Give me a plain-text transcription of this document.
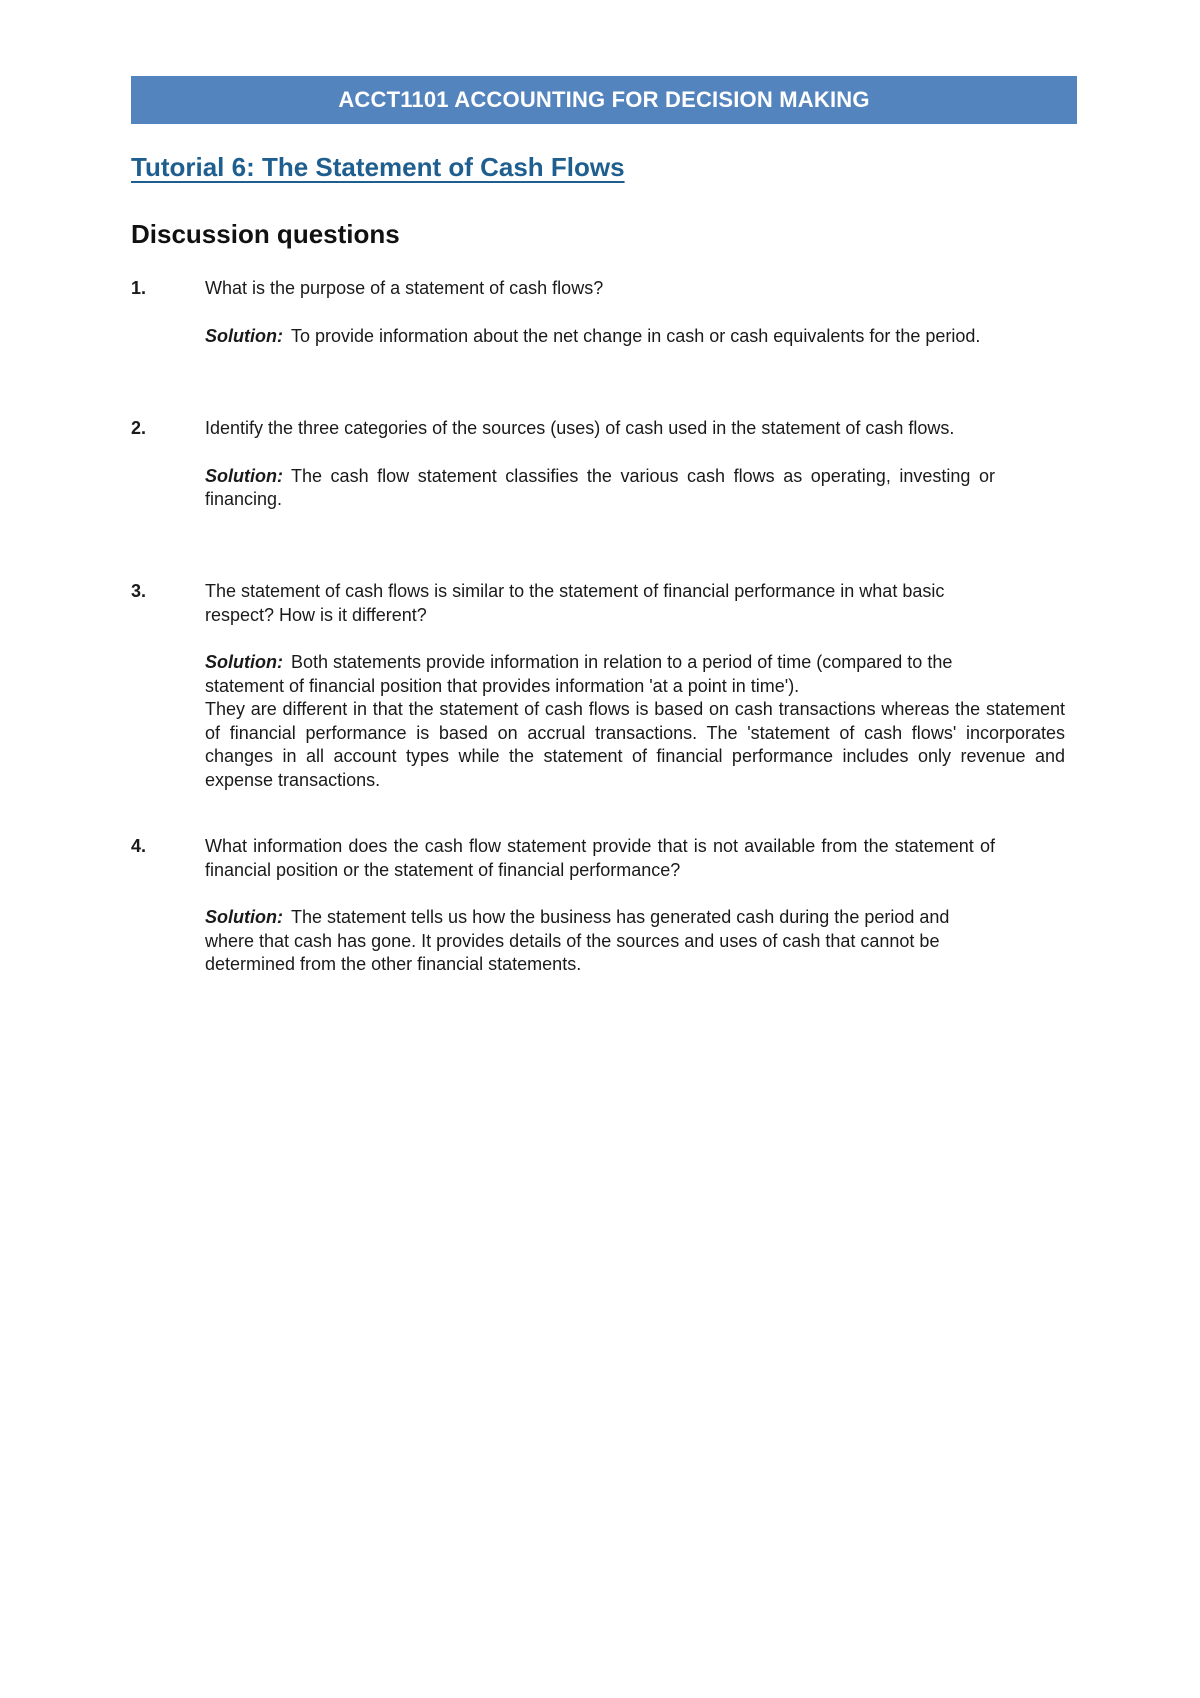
ACCT1101 ACCOUNTING FOR DECISION MAKING
Tutorial 6: The Statement of Cash Flows
Discussion questions
1.	What is the purpose of a statement of cash flows?

Solution: To provide information about the net change in cash or cash equivalents for the period.

2.	Identify the three categories of the sources (uses) of cash used in the statement of cash flows.

Solution: The cash flow statement classifies the various cash flows as operating, investing or financing.

3.	The statement of cash flows is similar to the statement of financial performance in what basic respect? How is it different?

Solution: Both statements provide information in relation to a period of time (compared to the statement of financial position that provides information 'at a point in time').

They are different in that the statement of cash flows is based on cash transactions whereas the statement of financial performance is based on accrual transactions. The 'statement of cash flows' incorporates changes in all account types while the statement of financial performance includes only revenue and expense transactions.

4.	What information does the cash flow statement provide that is not available from the statement of financial position or the statement of financial performance?

Solution: The statement tells us how the business has generated cash during the period and where that cash has gone. It provides details of the sources and uses of cash that cannot be determined from the other financial statements.
